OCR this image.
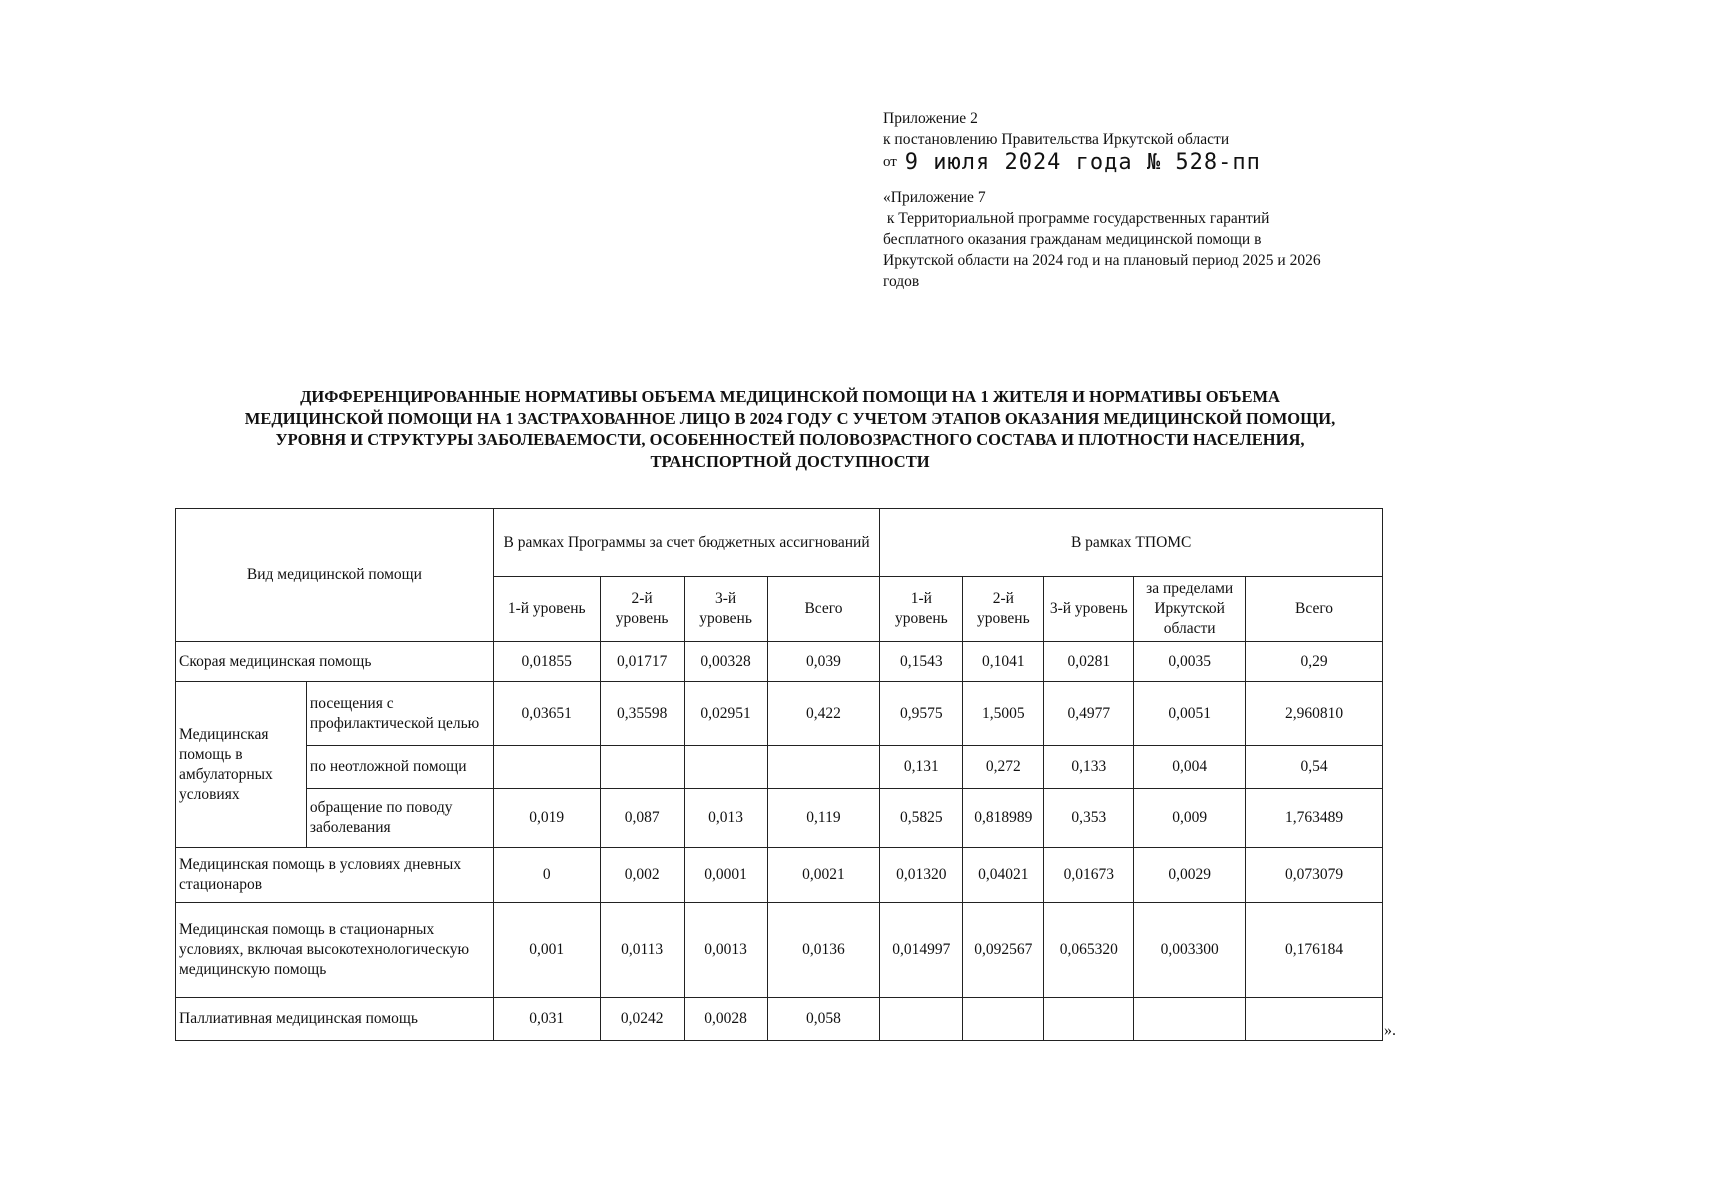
Приложение 2
к постановлению Правительства Иркутской области
от 9 июля 2024 года № 528-пп
«Приложение 7
к Территориальной программе государственных гарантий
бесплатного оказания гражданам медицинской помощи в
Иркутской области на 2024 год и на плановый период 2025 и 2026
годов
ДИФФЕРЕНЦИРОВАННЫЕ НОРМАТИВЫ ОБЪЕМА МЕДИЦИНСКОЙ ПОМОЩИ НА 1 ЖИТЕЛЯ И НОРМАТИВЫ ОБЪЕМА
МЕДИЦИНСКОЙ ПОМОЩИ НА 1 ЗАСТРАХОВАННОЕ ЛИЦО В 2024 ГОДУ С УЧЕТОМ ЭТАПОВ ОКАЗАНИЯ МЕДИЦИНСКОЙ ПОМОЩИ,
УРОВНЯ И СТРУКТУРЫ ЗАБОЛЕВАЕМОСТИ, ОСОБЕННОСТЕЙ ПОЛОВОЗРАСТНОГО СОСТАВА И ПЛОТНОСТИ НАСЕЛЕНИЯ,
ТРАНСПОРТНОЙ ДОСТУПНОСТИ
Вид медицинской помощи		В рамках Программы за счет бюджетных ассигнований				В рамках ТПОМС				
		1-й уровень	2-й уровень	3-й уровень	Всего	1-й уровень	2-й уровень	3-й уровень	за пределами Иркутской области	Всего
Скорая медицинская помощь		0,01855	0,01717	0,00328	0,039	0,1543	0,1041	0,0281	0,0035	0,29
Медицинская помощь в амбулаторных условиях	посещения с профилактической целью	0,03651	0,35598	0,02951	0,422	0,9575	1,5005	0,4977	0,0051	2,960810
	по неотложной помощи					0,131	0,272	0,133	0,004	0,54
	обращение по поводу заболевания	0,019	0,087	0,013	0,119	0,5825	0,818989	0,353	0,009	1,763489
Медицинская помощь в условиях дневных стационаров		0	0,002	0,0001	0,0021	0,01320	0,04021	0,01673	0,0029	0,073079
Медицинская помощь в стационарных условиях, включая высокотехнологическую медицинскую помощь		0,001	0,0113	0,0013	0,0136	0,014997	0,092567	0,065320	0,003300	0,176184
Паллиативная медицинская помощь		0,031	0,0242	0,0028	0,058					
».
